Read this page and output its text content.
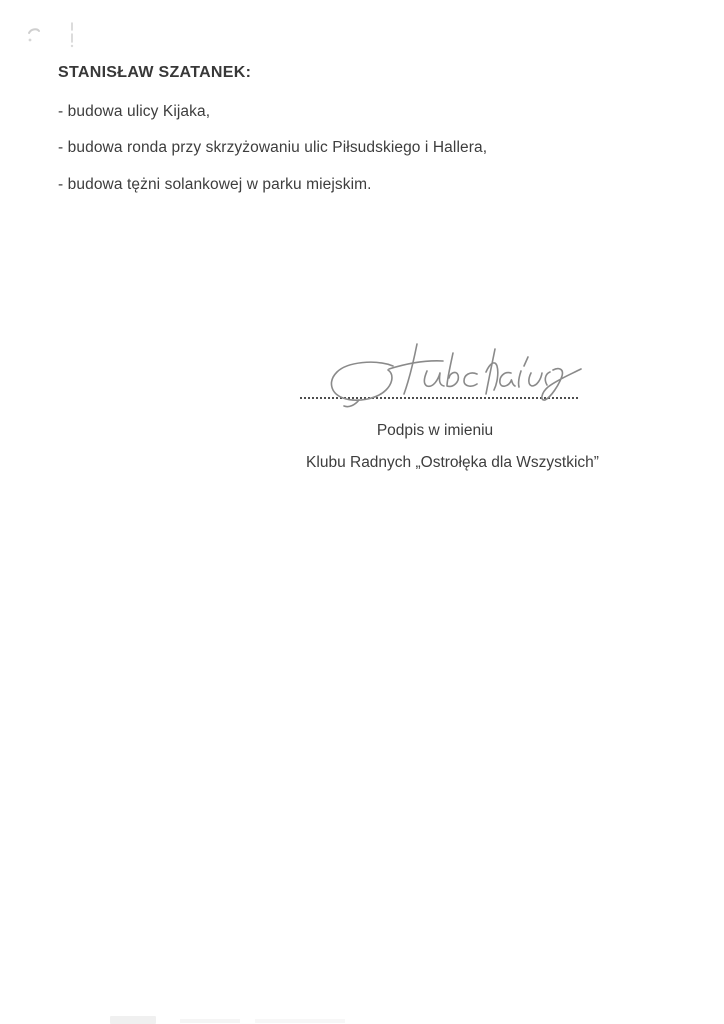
STANISŁAW SZATANEK:
- budowa ulicy Kijaka,
- budowa ronda przy skrzyżowaniu ulic Piłsudskiego i Hallera,
- budowa tężni solankowej w parku miejskim.
Podpis w imieniu
Klubu Radnych „Ostrołęka dla Wszystkich”
